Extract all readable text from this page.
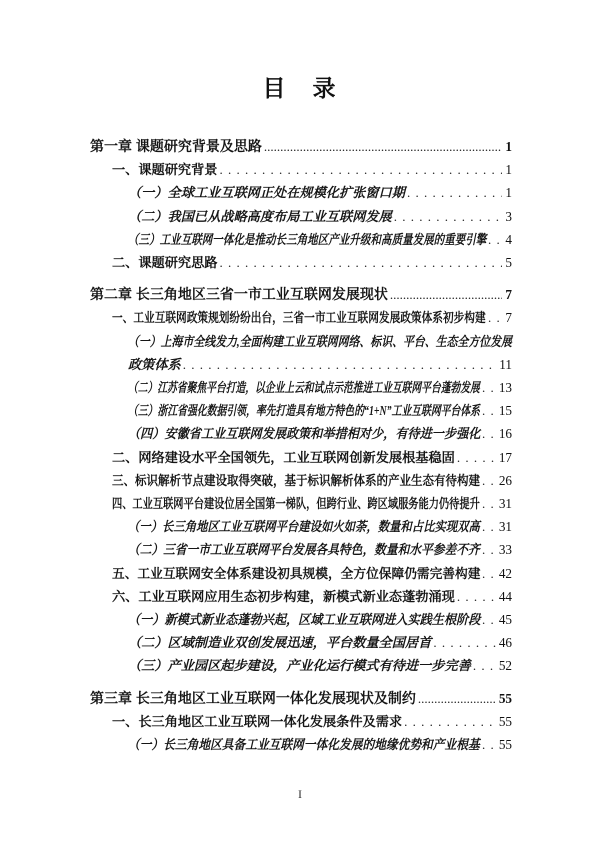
目　录
第一章 课题研究背景及思路 .....	1
一、课题研究背景 . . .	1
（一）全球工业互联网正处在规模化扩张窗口期 . . .	1
（二）我国已从战略高度布局工业互联网发展 . . .	3
（三）工业互联网一体化是推动长三角地区产业升级和高质量发展的重要引擎 . . . 4
二、课题研究思路 . . .	5
第二章 长三角地区三省一市工业互联网发展现状 .....	7
一、工业互联网政策规划纷纷出台，三省一市工业互联网发展政策体系初步构建 . . . 7
（一）上海市全线发力,全面构建工业互联网网络、标识、平台、生态全方位发展
政策体系 . . .	11
（二）江苏省聚焦平台打造，以企业上云和试点示范推进工业互联网平台蓬勃发展 . . . 13
（三）浙江省强化数据引领，率先打造具有地方特色的“1+N”工业互联网平台体系 . . . 15
（四）安徽省工业互联网发展政策和举措相对少，有待进一步强化 . . . 16
二、网络建设水平全国领先，工业互联网创新发展根基稳固 . . .	17
三、标识解析节点建设取得突破，基于标识解析体系的产业生态有待构建 . . . 26
四、工业互联网平台建设位居全国第一梯队，但跨行业、跨区域服务能力仍待提升 . . . 31
（一）长三角地区工业互联网平台建设如火如荼，数量和占比实现双高 . . . 31
（二）三省一市工业互联网平台发展各具特色，数量和水平参差不齐 . . . 33
五、工业互联网安全体系建设初具规模，全方位保障仍需完善构建 . . . 42
六、工业互联网应用生态初步构建，新模式新业态蓬勃涌现 . . .	44
（一）新模式新业态蓬勃兴起，区域工业互联网进入实践生根阶段 . . . 45
（二）区域制造业双创发展迅速，平台数量全国居首 . . .	46
（三）产业园区起步建设，产业化运行模式有待进一步完善 . . . 52
第三章 长三角地区工业互联网一体化发展现状及制约 .....	55
一、长三角地区工业互联网一体化发展条件及需求 . . .	55
（一）长三角地区具备工业互联网一体化发展的地缘优势和产业根基 . . . 55
I
